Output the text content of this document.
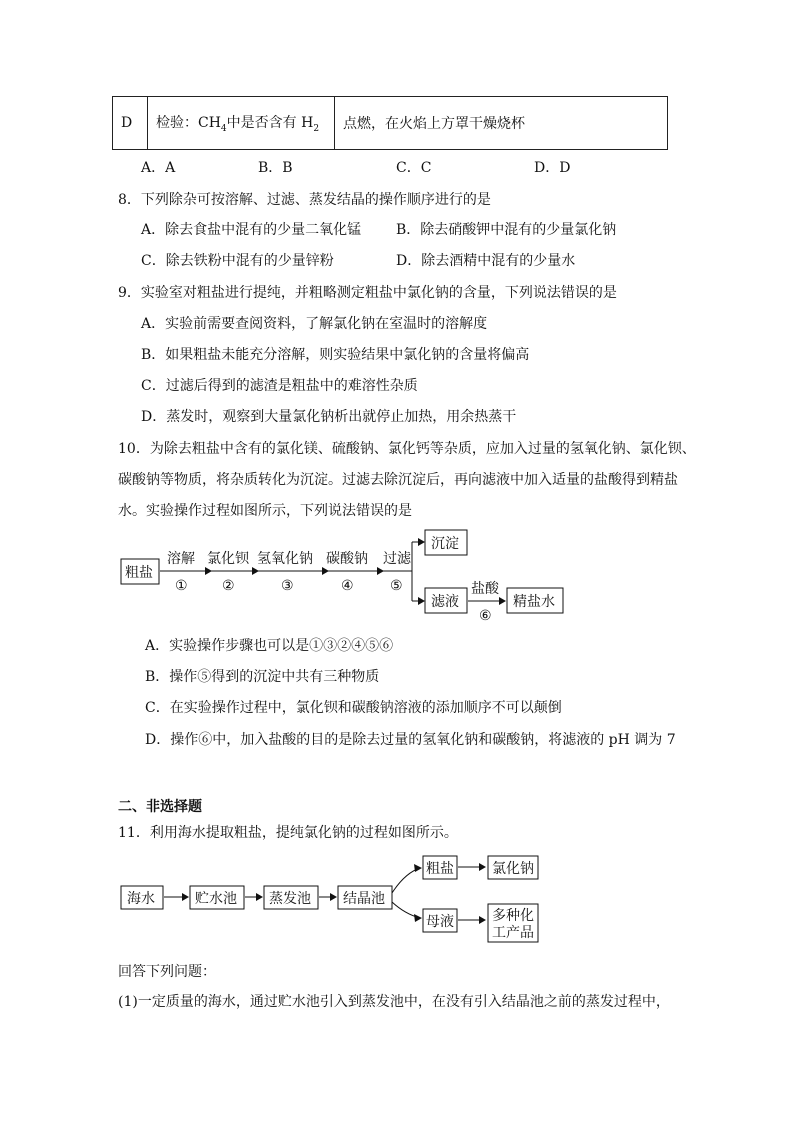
D	检验：$CH_4$中是否含有 $H_2$	点燃，在火焰上方罩干燥烧杯
A．A	B．B	C．C	D．D
8．下列除杂可按溶解、过滤、蒸发结晶的操作顺序进行的是
A．除去食盐中混有的少量二氧化锰 B．除去硝酸钾中混有的少量氯化钠
C．除去铁粉中混有的少量锌粉	D．除去酒精中混有的少量水
9．实验室对粗盐进行提纯，并粗略测定粗盐中氯化钠的含量，下列说法错误的是
A．实验前需要查阅资料，了解氯化钠在室温时的溶解度
B．如果粗盐未能充分溶解，则实验结果中氯化钠的含量将偏高
C．过滤后得到的滤渣是粗盐中的难溶性杂质
D．蒸发时，观察到大量氯化钠析出就停止加热，用余热蒸干
10．为除去粗盐中含有的氯化镁、硫酸钠、氯化钙等杂质，应加入过量的氢氧化钠、氯化钡、
碳酸钠等物质，将杂质转化为沉淀。过滤去除沉淀后，再向滤液中加入适量的盐酸得到精盐
水。实验操作过程如图所示，下列说法错误的是
粗盐
溶解 氯化钡 氢氧化钠 碳酸钠 过滤
① ②	③	④	⑤
沉淀
滤液
盐酸
⑥
精盐水
A．实验操作步骤也可以是①③②④⑤⑥
B．操作⑤得到的沉淀中共有三种物质
C．在实验操作过程中，氯化钡和碳酸钠溶液的添加顺序不可以颠倒
D．操作⑥中，加入盐酸的目的是除去过量的氢氧化钠和碳酸钠，将滤液的 pH 调为 7
二、非选择题
11．利用海水提取粗盐，提纯氯化钠的过程如图所示。
海水	贮水池 蒸发池 结晶池
粗盐	氯化钠
母液	多种化
工产品
回答下列问题：
(1)一定质量的海水，通过贮水池引入到蒸发池中，在没有引入结晶池之前的蒸发过程中，
